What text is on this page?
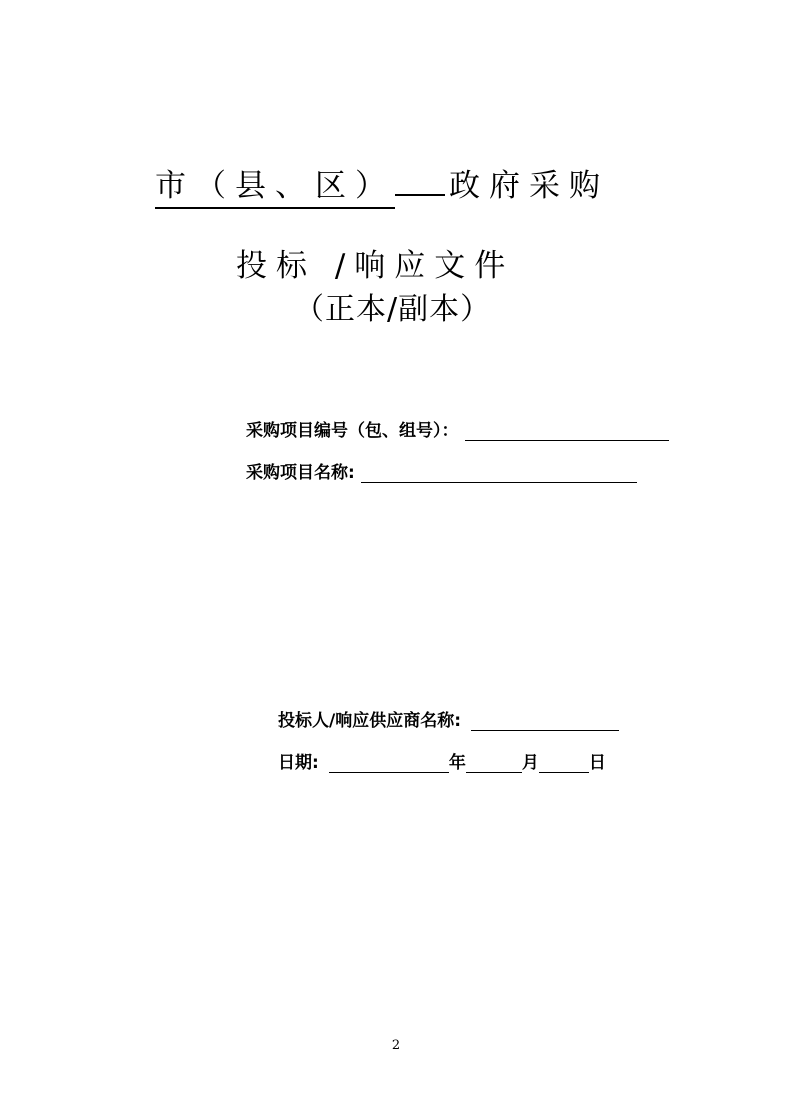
市（县、区） 政府采购
投标 /响应文件
（正本/副本）
采购项目编号（包、组号）：
采购项目名称:
投标人/响应供应商名称:
日期:	年	月	日
2
